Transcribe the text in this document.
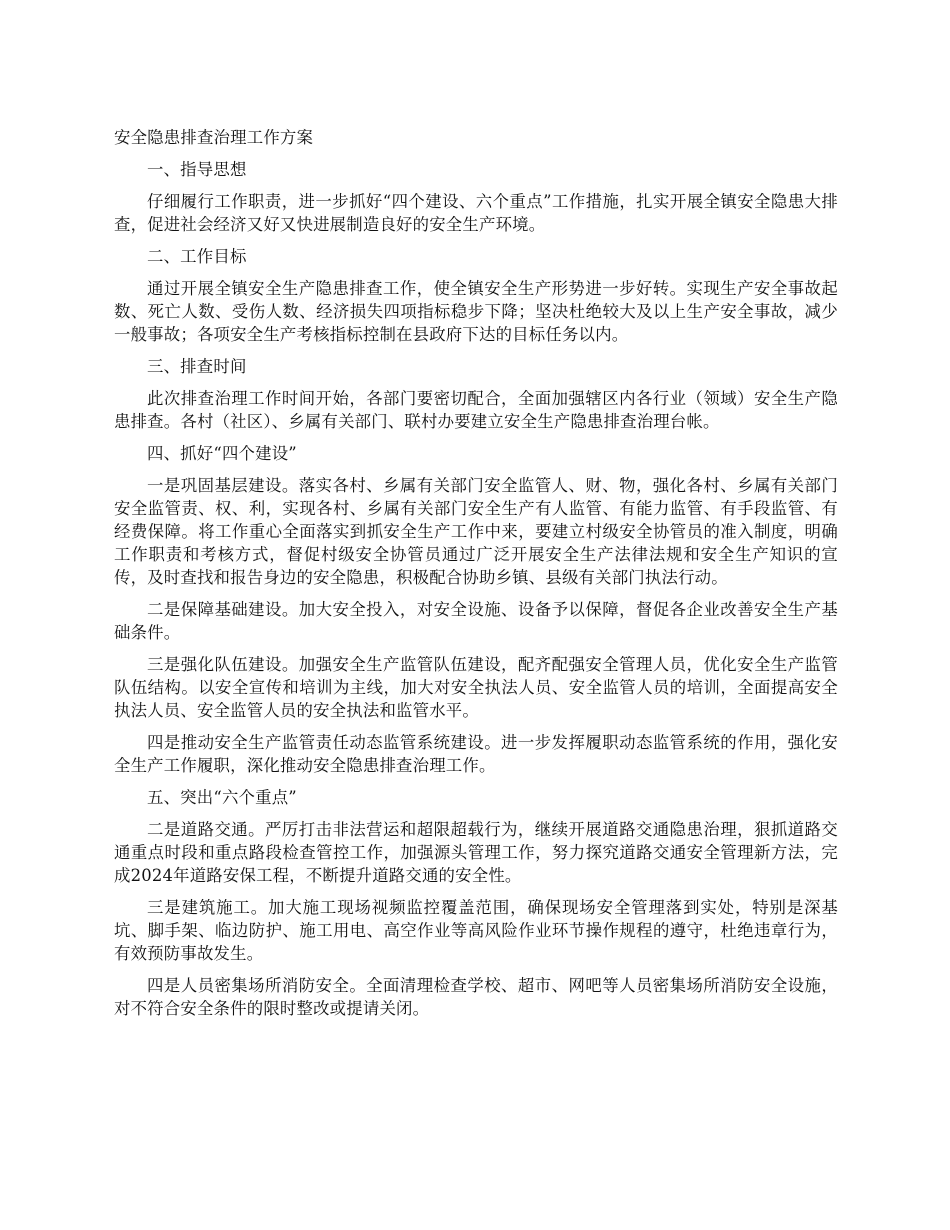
安全隐患排查治理工作方案
一、指导思想
仔细履行工作职责，进一步抓好“四个建设、六个重点”工作措施，扎实开展全镇安全隐患大排查，促进社会经济又好又快进展制造良好的安全生产环境。
二、工作目标
通过开展全镇安全生产隐患排查工作，使全镇安全生产形势进一步好转。实现生产安全事故起数、死亡人数、受伤人数、经济损失四项指标稳步下降；坚决杜绝较大及以上生产安全事故，减少一般事故；各项安全生产考核指标控制在县政府下达的目标任务以内。
三、排查时间
此次排查治理工作时间开始，各部门要密切配合，全面加强辖区内各行业（领域）安全生产隐患排查。各村（社区）、乡属有关部门、联村办要建立安全生产隐患排查治理台帐。
四、抓好“四个建设”
一是巩固基层建设。落实各村、乡属有关部门安全监管人、财、物，强化各村、乡属有关部门安全监管责、权、利，实现各村、乡属有关部门安全生产有人监管、有能力监管、有手段监管、有经费保障。将工作重心全面落实到抓安全生产工作中来，要建立村级安全协管员的准入制度，明确工作职责和考核方式，督促村级安全协管员通过广泛开展安全生产法律法规和安全生产知识的宣传，及时查找和报告身边的安全隐患，积极配合协助乡镇、县级有关部门执法行动。
二是保障基础建设。加大安全投入，对安全设施、设备予以保障，督促各企业改善安全生产基础条件。
三是强化队伍建设。加强安全生产监管队伍建设，配齐配强安全管理人员，优化安全生产监管队伍结构。以安全宣传和培训为主线，加大对安全执法人员、安全监管人员的培训，全面提高安全执法人员、安全监管人员的安全执法和监管水平。
四是推动安全生产监管责任动态监管系统建设。进一步发挥履职动态监管系统的作用，强化安全生产工作履职，深化推动安全隐患排查治理工作。
五、突出“六个重点”
二是道路交通。严厉打击非法营运和超限超载行为，继续开展道路交通隐患治理，狠抓道路交通重点时段和重点路段检查管控工作，加强源头管理工作，努力探究道路交通安全管理新方法，完成2024年道路安保工程，不断提升道路交通的安全性。
三是建筑施工。加大施工现场视频监控覆盖范围，确保现场安全管理落到实处，特别是深基坑、脚手架、临边防护、施工用电、高空作业等高风险作业环节操作规程的遵守，杜绝违章行为，有效预防事故发生。
四是人员密集场所消防安全。全面清理检查学校、超市、网吧等人员密集场所消防安全设施，对不符合安全条件的限时整改或提请关闭。
